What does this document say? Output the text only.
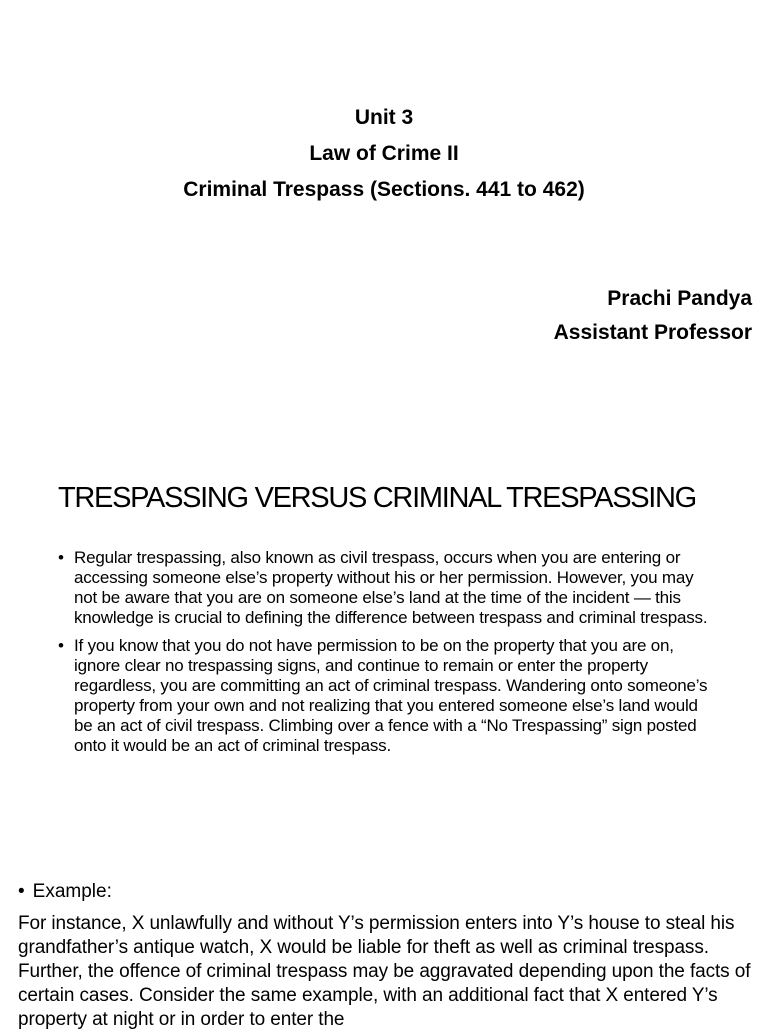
Unit 3
Law of Crime II
Criminal Trespass (Sections. 441 to 462)
Prachi Pandya
Assistant Professor
TRESPASSING VERSUS CRIMINAL TRESPASSING
• Regular trespassing, also known as civil trespass, occurs when you are entering or accessing someone else’s property without his or her permission. However, you may not be aware that you are on someone else’s land at the time of the incident — this knowledge is crucial to defining the difference between trespass and criminal trespass.
• If you know that you do not have permission to be on the property that you are on, ignore clear no trespassing signs, and continue to remain or enter the property regardless, you are committing an act of criminal trespass. Wandering onto someone’s property from your own and not realizing that you entered someone else’s land would be an act of civil trespass. Climbing over a fence with a “No Trespassing” sign posted onto it would be an act of criminal trespass.
• Example:
For instance, X unlawfully and without Y’s permission enters into Y’s house to steal his grandfather’s antique watch, X would be liable for theft as well as criminal trespass. Further, the offence of criminal trespass may be aggravated depending upon the facts of certain cases. Consider the same example, with an additional fact that X entered Y’s property at night or in order to enter the
